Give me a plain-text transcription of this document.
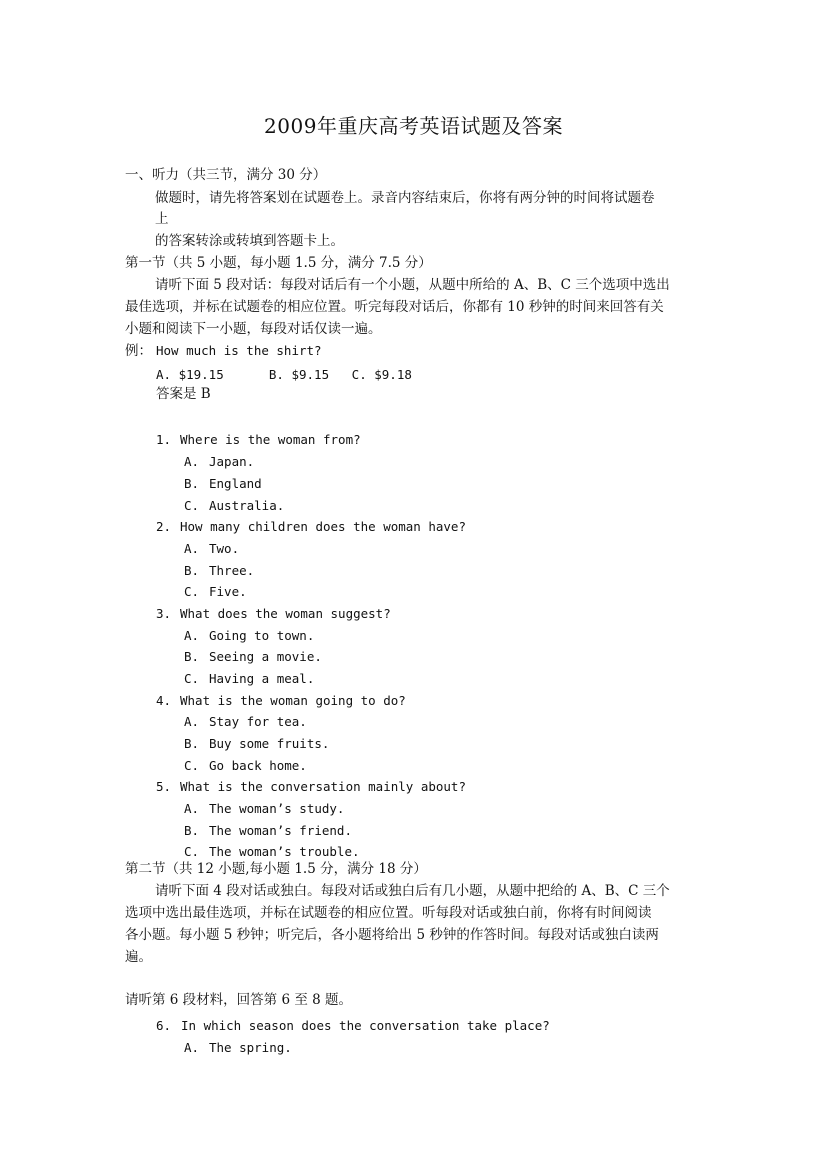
2009年重庆高考英语试题及答案
一、听力（共三节，满分 30 分）
做题时，请先将答案划在试题卷上。录音内容结束后，你将有两分钟的时间将试题卷
上
的答案转涂或转填到答题卡上。
第一节（共 5 小题，每小题 1.5 分，满分 7.5 分）
请听下面 5 段对话：每段对话后有一个小题，从题中所给的 A、B、C 三个选项中选出
最佳选项，并标在试题卷的相应位置。听完每段对话后，你都有 10 秒钟的时间来回答有关
小题和阅读下一小题，每段对话仅读一遍。
例： How much is the shirt?
A. $19.15      B. $9.15   C. $9.18
答案是 B
1. Where is the woman from?
A. Japan.
B. England
C. Australia.
2. How many children does the woman have?
A. Two.
B. Three.
C. Five.
3. What does the woman suggest?
A. Going to town.
B. Seeing a movie.
C. Having a meal.
4. What is the woman going to do?
A. Stay for tea.
B. Buy some fruits.
C. Go back home.
5. What is the conversation mainly about?
A. The woman’s study.
B. The woman’s friend.
C. The woman’s trouble.
第二节（共 12 小题,每小题 1.5 分，满分 18 分）
请听下面 4 段对话或独白。每段对话或独白后有几小题，从题中把给的 A、B、C 三个
选项中选出最佳选项，并标在试题卷的相应位置。听每段对话或独白前，你将有时间阅读
各小题。每小题 5 秒钟；听完后，各小题将给出 5 秒钟的作答时间。每段对话或独白读两
遍。
请听第 6 段材料，回答第 6 至 8 题。
6. In which season does the conversation take place?
A. The spring.
